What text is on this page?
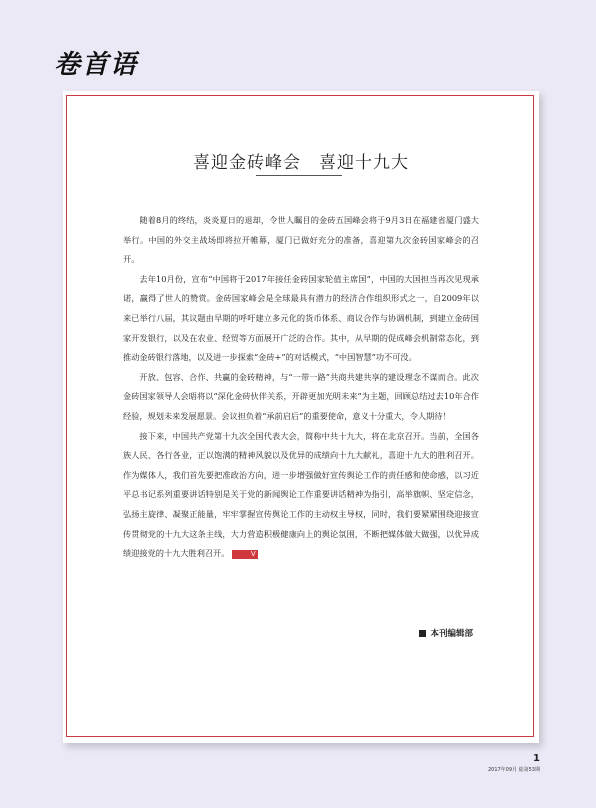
卷首语
喜迎金砖峰会　喜迎十九大

随着8月的终结，炎炎夏日的退却，令世人瞩目的金砖五国峰会将于9月3日在福建省厦门盛大举行。中国的外交主战场即将拉开帷幕，厦门已做好充分的准备，喜迎第九次金砖国家峰会的召开。

去年10月份，宣布“中国将于2017年接任金砖国家轮值主席国”，中国的大国担当再次见现承诺，赢得了世人的赞赏。金砖国家峰会是全球最具有潜力的经济合作组织形式之一，自2009年以来已举行八届，其议题由早期的呼吁建立多元化的货币体系、商议合作与协调机制，到建立金砖国家开发银行，以及在农业、经贸等方面展开广泛的合作。其中，从早期的促成峰会机制常态化，到推动金砖银行落地，以及进一步探索“金砖+”的对话模式，“中国智慧”功不可没。

开放、包容、合作、共赢的金砖精神，与“一带一路”共商共建共享的建设理念不谋而合。此次金砖国家领导人会晤将以“深化金砖伙伴关系，开辟更加光明未来”为主题，回顾总结过去10年合作经验，规划未来发展愿景。会议担负着“承前启后”的重要使命，意义十分重大，令人期待！

接下来，中国共产党第十九次全国代表大会，简称中共十九大，将在北京召开。当前，全国各族人民、各行各业，正以饱满的精神风貌以及优异的成绩向十九大献礼，喜迎十九大的胜利召开。作为媒体人，我们首先要把准政治方向，进一步增强做好宣传舆论工作的责任感和使命感，以习近平总书记系列重要讲话特别是关于党的新闻舆论工作重要讲话精神为指引，高举旗帜、坚定信念，弘扬主旋律、凝聚正能量，牢牢掌握宣传舆论工作的主动权主导权，同时，我们要紧紧围绕迎接宣传贯彻党的十九大这条主线，大力营造积极健康向上的舆论氛围，不断把媒体做大做强，以优异成绩迎接党的十九大胜利召开。	V

本刊编辑部
1
2017年09月 総第53期
